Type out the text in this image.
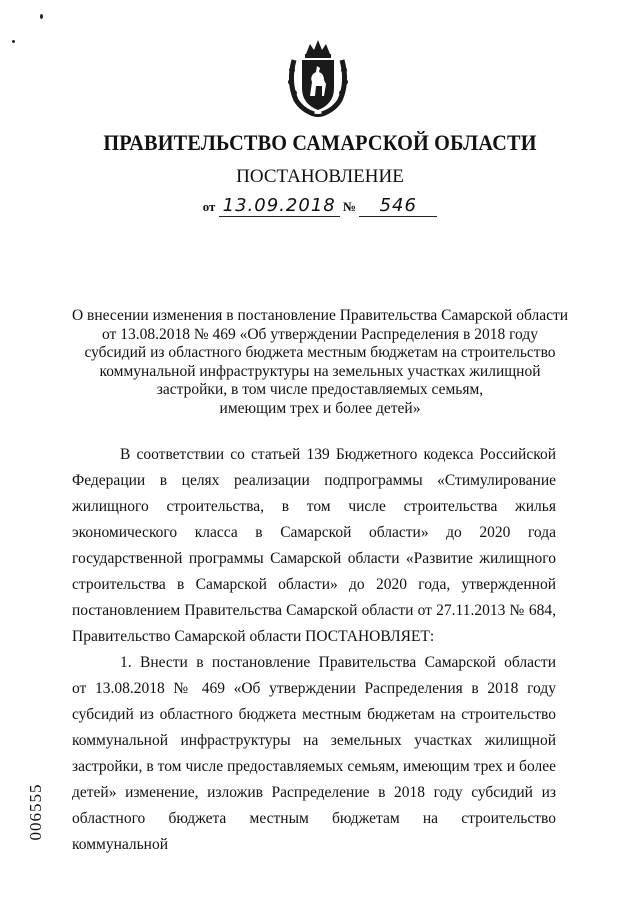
ПРАВИТЕЛЬСТВО САМАРСКОЙ ОБЛАСТИ
ПОСТАНОВЛЕНИЕ
от 13.09.2018 № 546
О внесении изменения в постановление Правительства Самарской области
от 13.08.2018 № 469 «Об утверждении Распределения в 2018 году
субсидий из областного бюджета местным бюджетам на строительство
коммунальной инфраструктуры на земельных участках жилищной
застройки, в том числе предоставляемых семьям,
имеющим трех и более детей»
В соответствии со статьей 139 Бюджетного кодекса Российской
Федерации в целях реализации подпрограммы «Стимулирование
жилищного строительства, в том числе строительства жилья
экономического класса в Самарской области» до 2020 года
государственной программы Самарской области «Развитие жилищного
строительства в Самарской области» до 2020 года, утвержденной
постановлением Правительства Самарской области от 27.11.2013 № 684,
Правительство Самарской области ПОСТАНОВЛЯЕТ:
1. Внести в постановление Правительства Самарской области
от 13.08.2018 № 469 «Об утверждении Распределения в 2018 году
субсидий из областного бюджета местным бюджетам на строительство
коммунальной инфраструктуры на земельных участках жилищной
застройки, в том числе предоставляемых семьям, имеющим трех и более
детей» изменение, изложив Распределение в 2018 году субсидий из
областного бюджета местным бюджетам на строительство коммунальной
006555
